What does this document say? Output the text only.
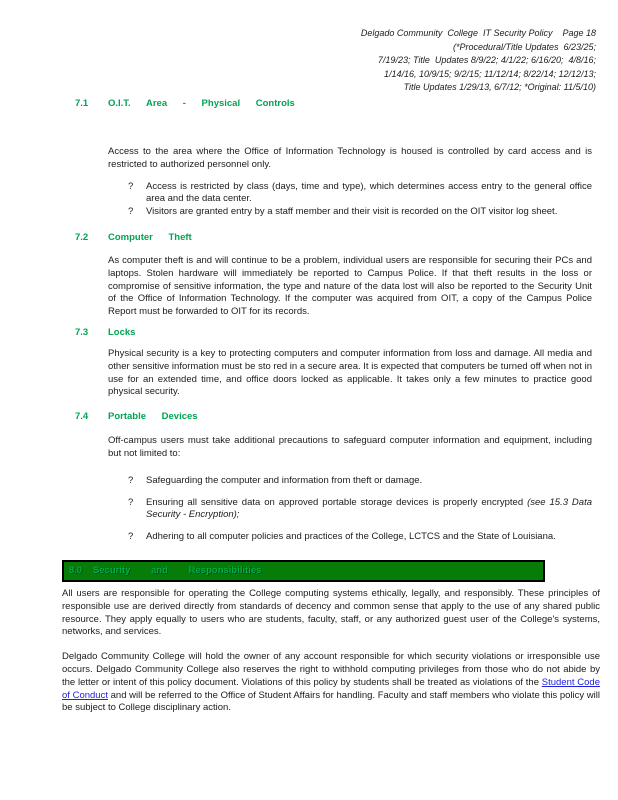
Delgado Community  College  IT Security Policy    Page 18
(*Procedural/Title Updates  6/23/25;
7/19/23; Title  Updates 8/9/22; 4/1/22; 6/16/20;  4/8/16;
1/14/16, 10/9/15; 9/2/15; 11/12/14; 8/22/14; 12/12/13;
Title Updates 1/29/13, 6/7/12; *Original: 11/5/10)
7.1	O.I.T. Area - Physical Controls

Access to the area where the Office of Information Technology is housed is controlled by card access and is restricted to authorized personnel only.

?	Access is restricted by class (days, time and type), which determines access entry to the general office area and the data center.
?	Visitors are granted entry by a staff member and their visit is recorded on the OIT visitor log sheet.
7.2	Computer Theft

As computer theft is and will continue to be a problem, individual users are responsible for securing their PCs and laptops. Stolen hardware will immediately be reported to Campus Police. If that theft results in the loss or compromise of sensitive information, the type and nature of the data lost will also be reported to the Security Unit of the Office of Information Technology. If the computer was acquired from OIT, a copy of the Campus Police Report must be forwarded to OIT for its records.

7.3	Locks

Physical security is a key to protecting computers and computer information from loss and damage. All media and other sensitive information must be sto red in a secure area. It is expected that computers be turned off when not in use for an extended time, and office doors locked as applicable. It takes only a few minutes to practice good physical security.

7.4	Portable Devices

Off-campus users must take additional precautions to safeguard computer information and equipment, including but not limited to:

?	Safeguarding the computer and information from theft or damage.
?	Ensuring all sensitive data on approved portable storage devices is properly encrypted (see 15.3 Data Security - Encryption);
?	Adhering to all computer policies and practices of the College, LCTCS and the State of Louisiana.
8.0	Security and Responsibilities

All users are responsible for operating the College computing systems ethically, legally, and responsibly. These principles of responsible use are derived directly from standards of decency and common sense that apply to the use of any shared public resource. They apply equally to users who are students, faculty, staff, or any authorized guest user of the College's systems, networks, and services.

Delgado Community College will hold the owner of any account responsible for which security violations or irresponsible use occurs. Delgado Community College also reserves the right to withhold computing privileges from those who do not abide by the letter or intent of this policy document. Violations of this policy by students shall be treated as violations of the Student Code of Conduct and will be referred to the Office of Student Affairs for handling. Faculty and staff members who violate this policy will be subject to College disciplinary action.
